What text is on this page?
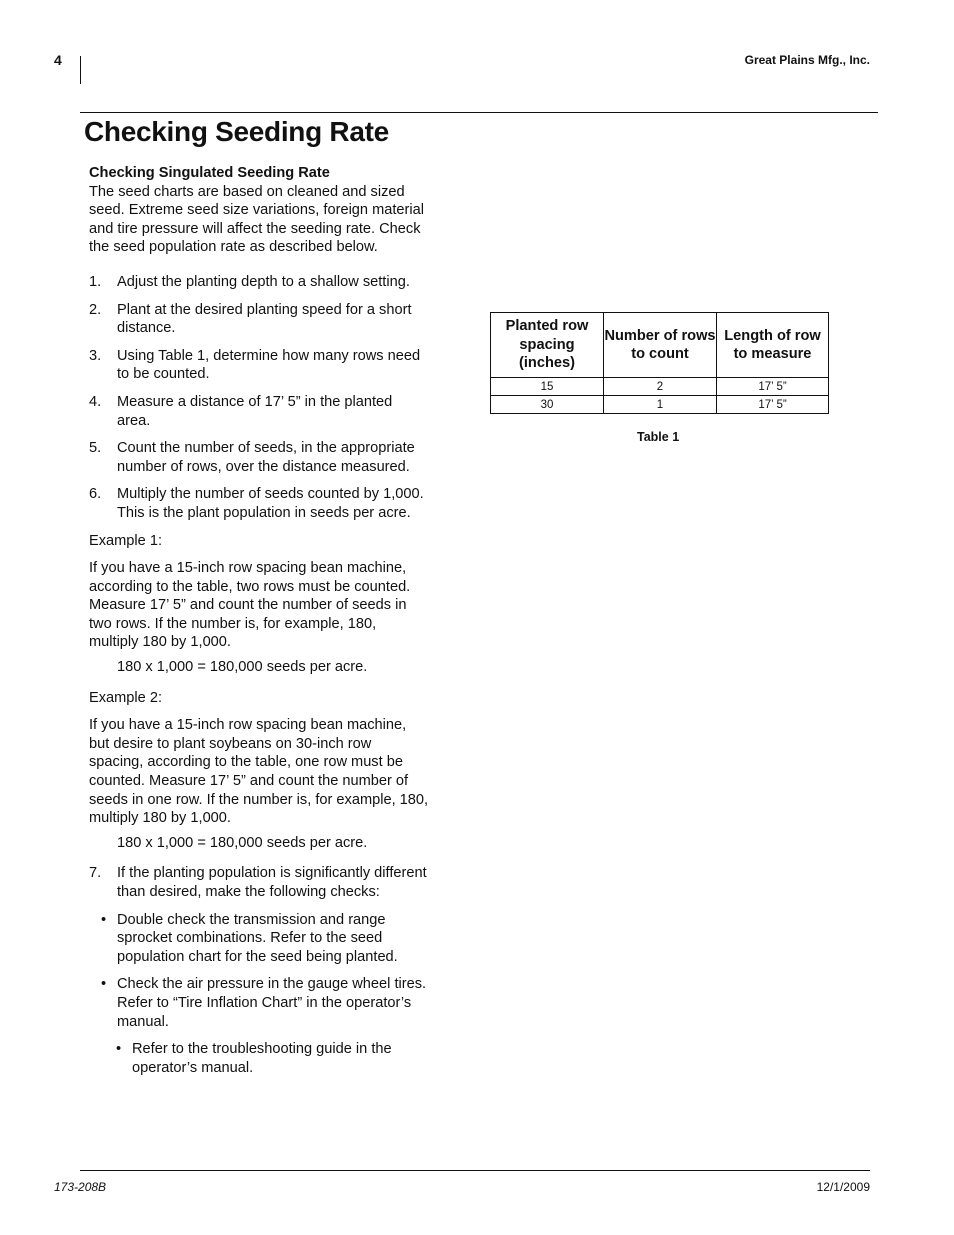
4	Great Plains Mfg., Inc.
Checking Seeding Rate
Checking Singulated Seeding Rate

The seed charts are based on cleaned and sized seed. Extreme seed size variations, foreign material and tire pressure will affect the seeding rate. Check the seed population rate as described below.

1.	Adjust the planting depth to a shallow setting.
2.	Plant at the desired planting speed for a short distance.
3.	Using Table 1, determine how many rows need to be counted.
4.	Measure a distance of 17’ 5” in the planted area.
5.	Count the number of seeds, in the appropriate number of rows, over the distance measured.
6.	Multiply the number of seeds counted by 1,000. This is the plant population in seeds per acre.
Example 1:

If you have a 15-inch row spacing bean machine, according to the table, two rows must be counted. Measure 17’ 5” and count the number of seeds in two rows. If the number is, for example, 180, multiply 180 by 1,000.

180 x 1,000 = 180,000 seeds per acre.
Example 2:

If you have a 15-inch row spacing bean machine, but desire to plant soybeans on 30-inch row spacing, according to the table, one row must be counted. Measure 17’ 5” and count the number of seeds in one row. If the number is, for example, 180, multiply 180 by 1,000.

180 x 1,000 = 180,000 seeds per acre.
7.	If the planting population is significantly different than desired, make the following checks:
• Double check the transmission and range sprocket combinations. Refer to the seed population chart for the seed being planted.
• Check the air pressure in the gauge wheel tires. Refer to “Tire Inflation Chart” in the operator’s manual.
• Refer to the troubleshooting guide in the operator’s manual.
Planted row spacing (inches)	Number of rows to count	Length of row to measure
15	2	17’ 5”
30	1	17’ 5”
Table 1
173-208B	12/1/2009
